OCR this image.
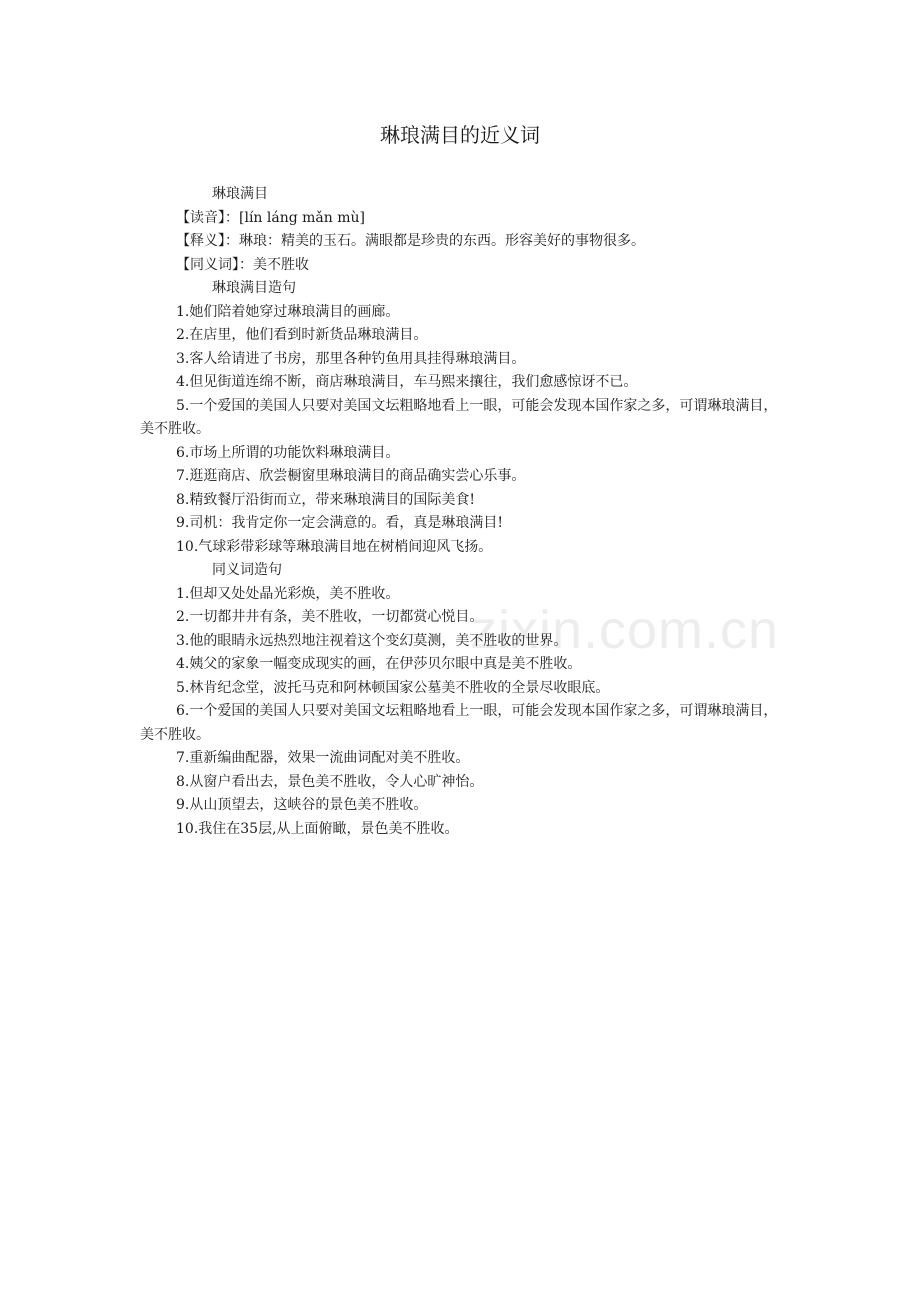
琳琅满目的近义词

琳琅满目

【读音】：[lín láng mǎn mù]

【释义】：琳琅：精美的玉石。满眼都是珍贵的东西。形容美好的事物很多。

【同义词】：美不胜收

琳琅满目造句

1.她们陪着她穿过琳琅满目的画廊。

2.在店里，他们看到时新货品琳琅满目。

3.客人给请进了书房，那里各种钓鱼用具挂得琳琅满目。

4.但见街道连绵不断，商店琳琅满目，车马熙来攘往，我们愈感惊讶不已。

5.一个爱国的美国人只要对美国文坛粗略地看上一眼，可能会发现本国作家之多，可谓琳琅满目，美不胜收。

6.市场上所谓的功能饮料琳琅满目。

7.逛逛商店、欣尝橱窗里琳琅满目的商品确实尝心乐事。

8.精致餐厅沿街而立，带来琳琅满目的国际美食!

9.司机：我肯定你一定会满意的。看，真是琳琅满目!

10.气球彩带彩球等琳琅满目地在树梢间迎风飞扬。

同义词造句

1.但却又处处晶光彩焕，美不胜收。

2.一切都井井有条，美不胜收，一切都赏心悦目。

3.他的眼睛永远热烈地注视着这个变幻莫测，美不胜收的世界。

4.姨父的家象一幅变成现实的画，在伊莎贝尔眼中真是美不胜收。

5.林肯纪念堂，波托马克和阿林顿国家公墓美不胜收的全景尽收眼底。

6.一个爱国的美国人只要对美国文坛粗略地看上一眼，可能会发现本国作家之多，可谓琳琅满目，美不胜收。

7.重新编曲配器，效果一流曲词配对美不胜收。

8.从窗户看出去，景色美不胜收，令人心旷神怡。

9.从山顶望去，这峡谷的景色美不胜收。

10.我住在35层,从上面俯瞰，景色美不胜收。

zixin.com.cn
